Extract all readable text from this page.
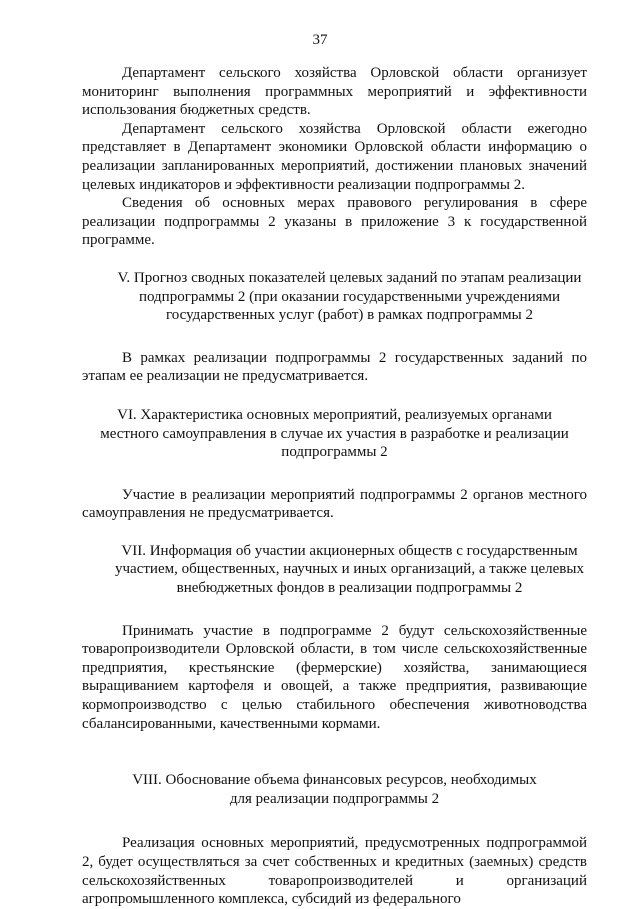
37

Департамент сельского хозяйства Орловской области организует мониторинг выполнения программных мероприятий и эффективности использования бюджетных средств.

Департамент сельского хозяйства Орловской области ежегодно представляет в Департамент экономики Орловской области информацию о реализации запланированных мероприятий, достижении плановых значений целевых индикаторов и эффективности реализации подпрограммы 2.

Сведения об основных мерах правового регулирования в сфере реализации подпрограммы 2 указаны в приложение 3 к государственной программе.

V. Прогноз сводных показателей целевых заданий по этапам реализации подпрограммы 2 (при оказании государственными учреждениями государственных услуг (работ) в рамках подпрограммы 2

В рамках реализации подпрограммы 2 государственных заданий по этапам ее реализации не предусматривается.

VI. Характеристика основных мероприятий, реализуемых органами местного самоуправления в случае их участия в разработке и реализации подпрограммы 2

Участие в реализации мероприятий подпрограммы 2 органов местного самоуправления не предусматривается.

VII. Информация об участии акционерных обществ с государственным участием, общественных, научных и иных организаций, а также целевых внебюджетных фондов в реализации подпрограммы 2

Принимать участие в подпрограмме 2 будут сельскохозяйственные товаропроизводители Орловской области, в том числе сельскохозяйственные предприятия, крестьянские (фермерские) хозяйства, занимающиеся выращиванием картофеля и овощей, а также предприятия, развивающие кормопроизводство с целью стабильного обеспечения животноводства сбалансированными, качественными кормами.

VIII. Обоснование объема финансовых ресурсов, необходимых
для реализации подпрограммы 2

Реализация основных мероприятий, предусмотренных подпрограммой 2, будет осуществляться за счет собственных и кредитных (заемных) средств сельскохозяйственных товаропроизводителей и организаций агропромышленного комплекса, субсидий из федерального
